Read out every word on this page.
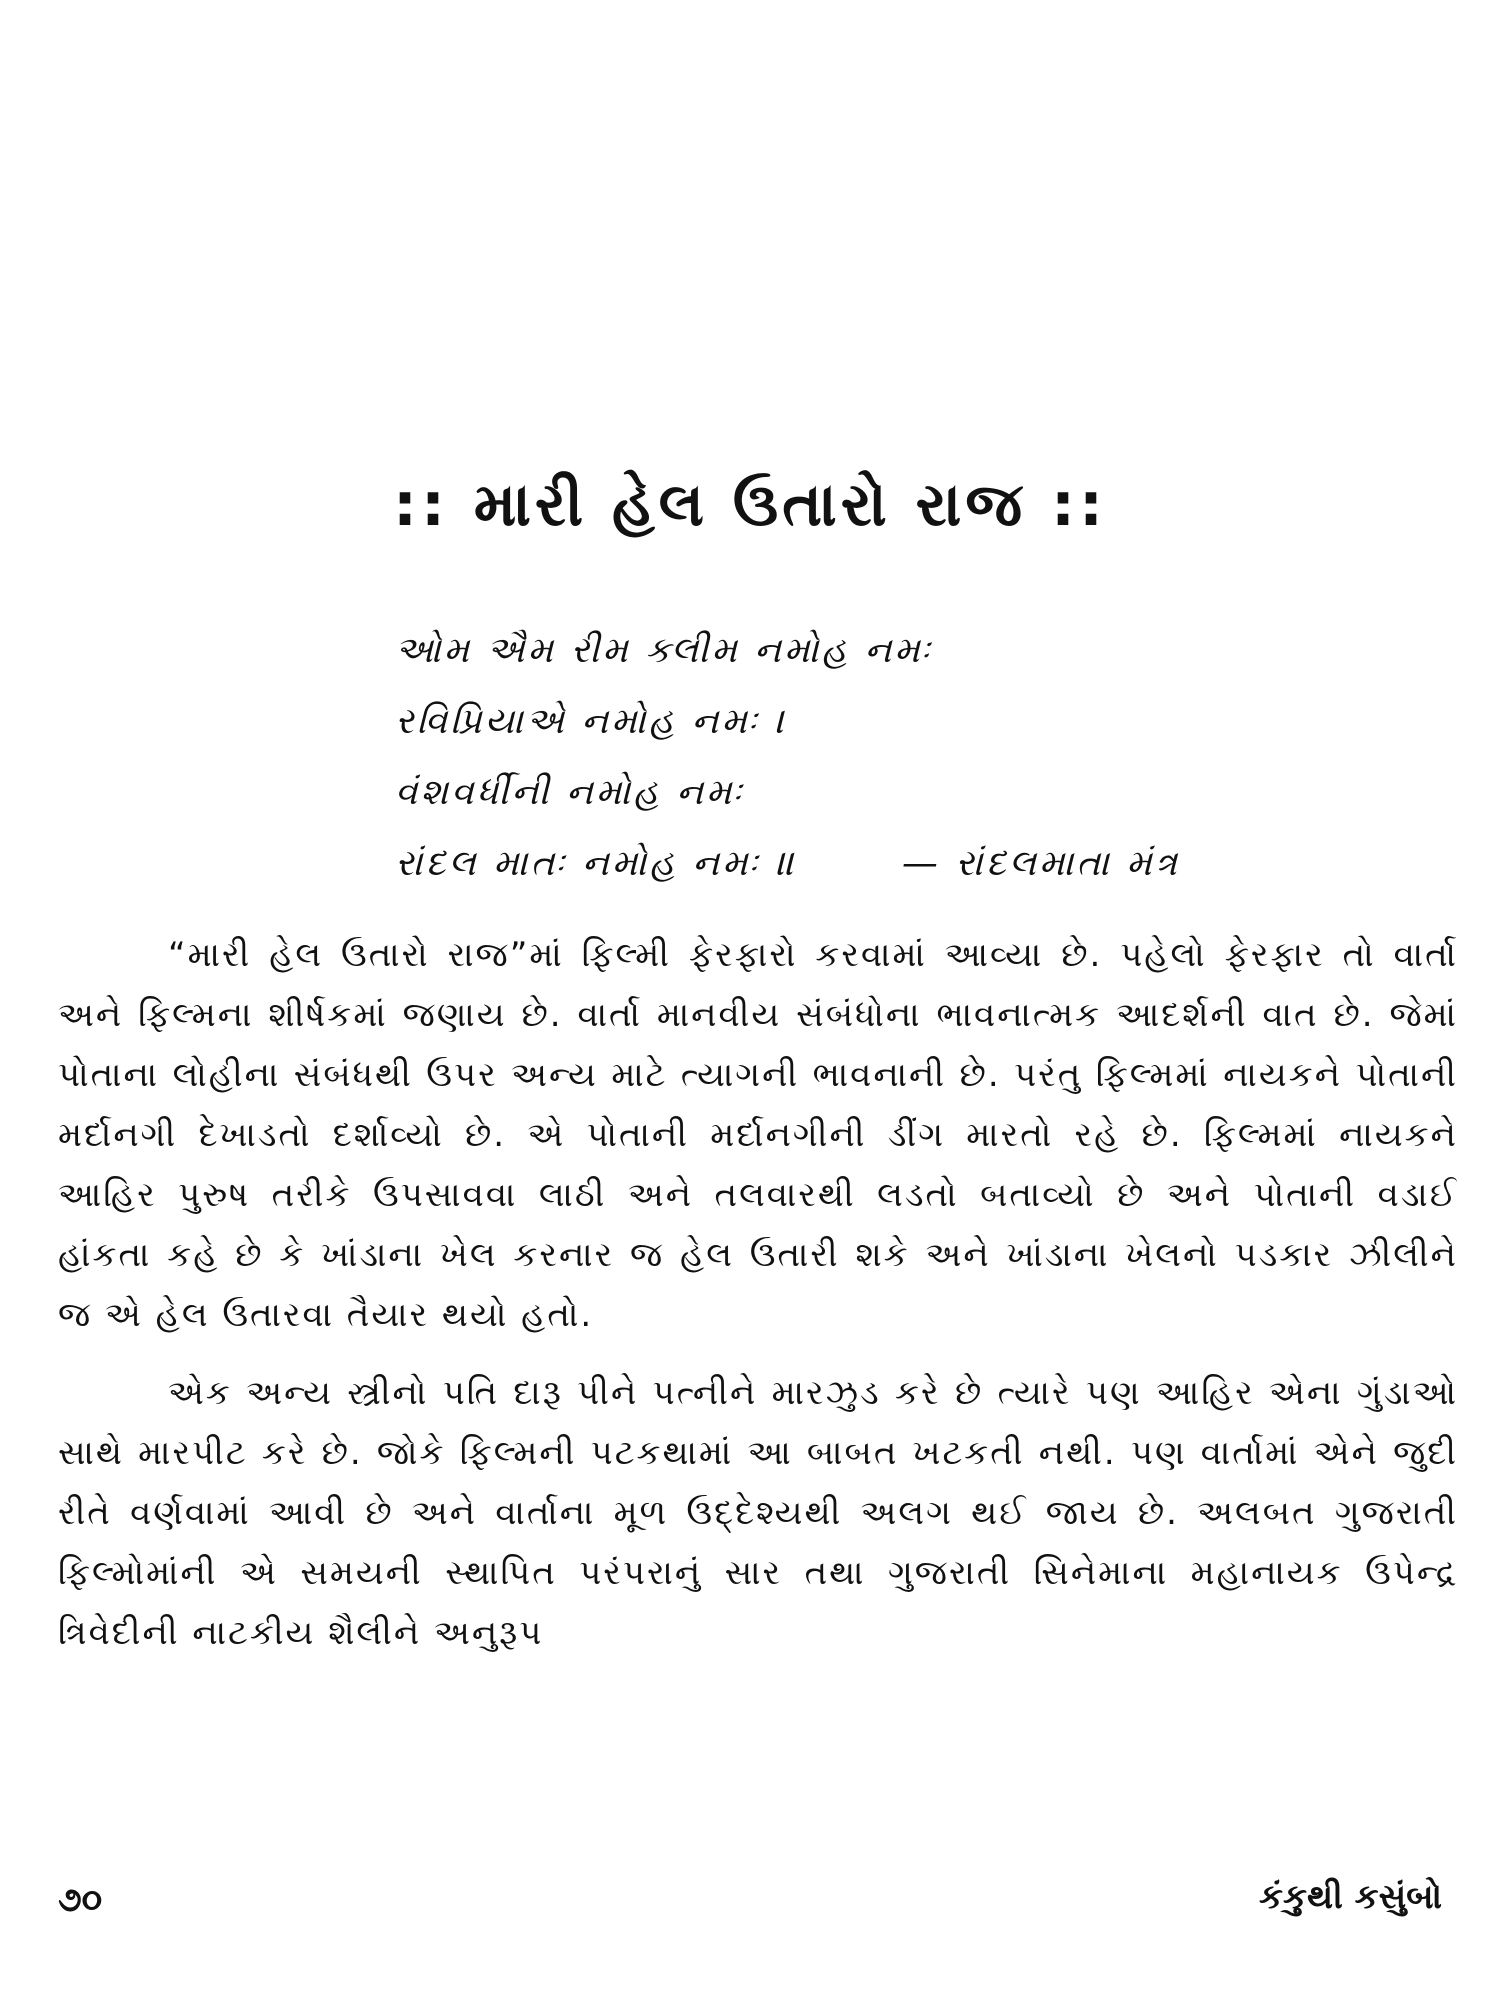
:: મારી હેલ ઉતારો રાજ ::
ઓમ ઐમ રીમ ક્લીમ નમોહ નમઃ
રવિપ્રિયાએ નમોહ નમઃ ।
વંશવર્ધીની નમોહ નમઃ
રાંદલ માતઃ નમોહ નમઃ ॥	— રાંદલમાતા મંત્ર

“મારી હેલ ઉતારો રાજ”માં ફિલ્મી ફેરફારો કરવામાં આવ્યા છે. પહેલો ફેરફાર તો વાર્તા અને ફિલ્મના શીર્ષકમાં જણાય છે. વાર્તા માનવીય સંબંધોના ભાવનાત્મક આદર્શની વાત છે. જેમાં પોતાના લોહીના સંબંધથી ઉપર અન્ય માટે ત્યાગની ભાવનાની છે. પરંતુ ફિલ્મમાં નાયકને પોતાની મર્દાનગી દેખાડતો દર્શાવ્યો છે. એ પોતાની મર્દાનગીની ડીંગ મારતો રહે છે. ફિલ્મમાં નાયકને આહિર પુરુષ તરીકે ઉપસાવવા લાઠી અને તલવારથી લડતો બતાવ્યો છે અને પોતાની વડાઈ હાંકતા કહે છે કે ખાંડાના ખેલ કરનાર જ હેલ ઉતારી શકે અને ખાંડાના ખેલનો પડકાર ઝીલીને જ એ હેલ ઉતારવા તૈયાર થયો હતો.

એક અન્ય સ્ત્રીનો પતિ દારૂ પીને પત્નીને મારઝુડ કરે છે ત્યારે પણ આહિર એના ગુંડાઓ સાથે મારપીટ કરે છે. જોકે ફિલ્મની પટકથામાં આ બાબત ખટકતી નથી. પણ વાર્તામાં એને જુદી રીતે વર્ણવામાં આવી છે અને વાર્તાના મૂળ ઉદ્દેશ્યથી અલગ થઈ જાય છે. અલબત ગુજરાતી ફિલ્મોમાંની એ સમયની સ્થાપિત પરંપરાનું સાર તથા ગુજરાતી સિનેમાના મહાનાયક ઉપેન્દ્ર ત્રિવેદીની નાટકીય શૈલીને અનુરૂપ

૭૦	કંકુથી કસુંબો
